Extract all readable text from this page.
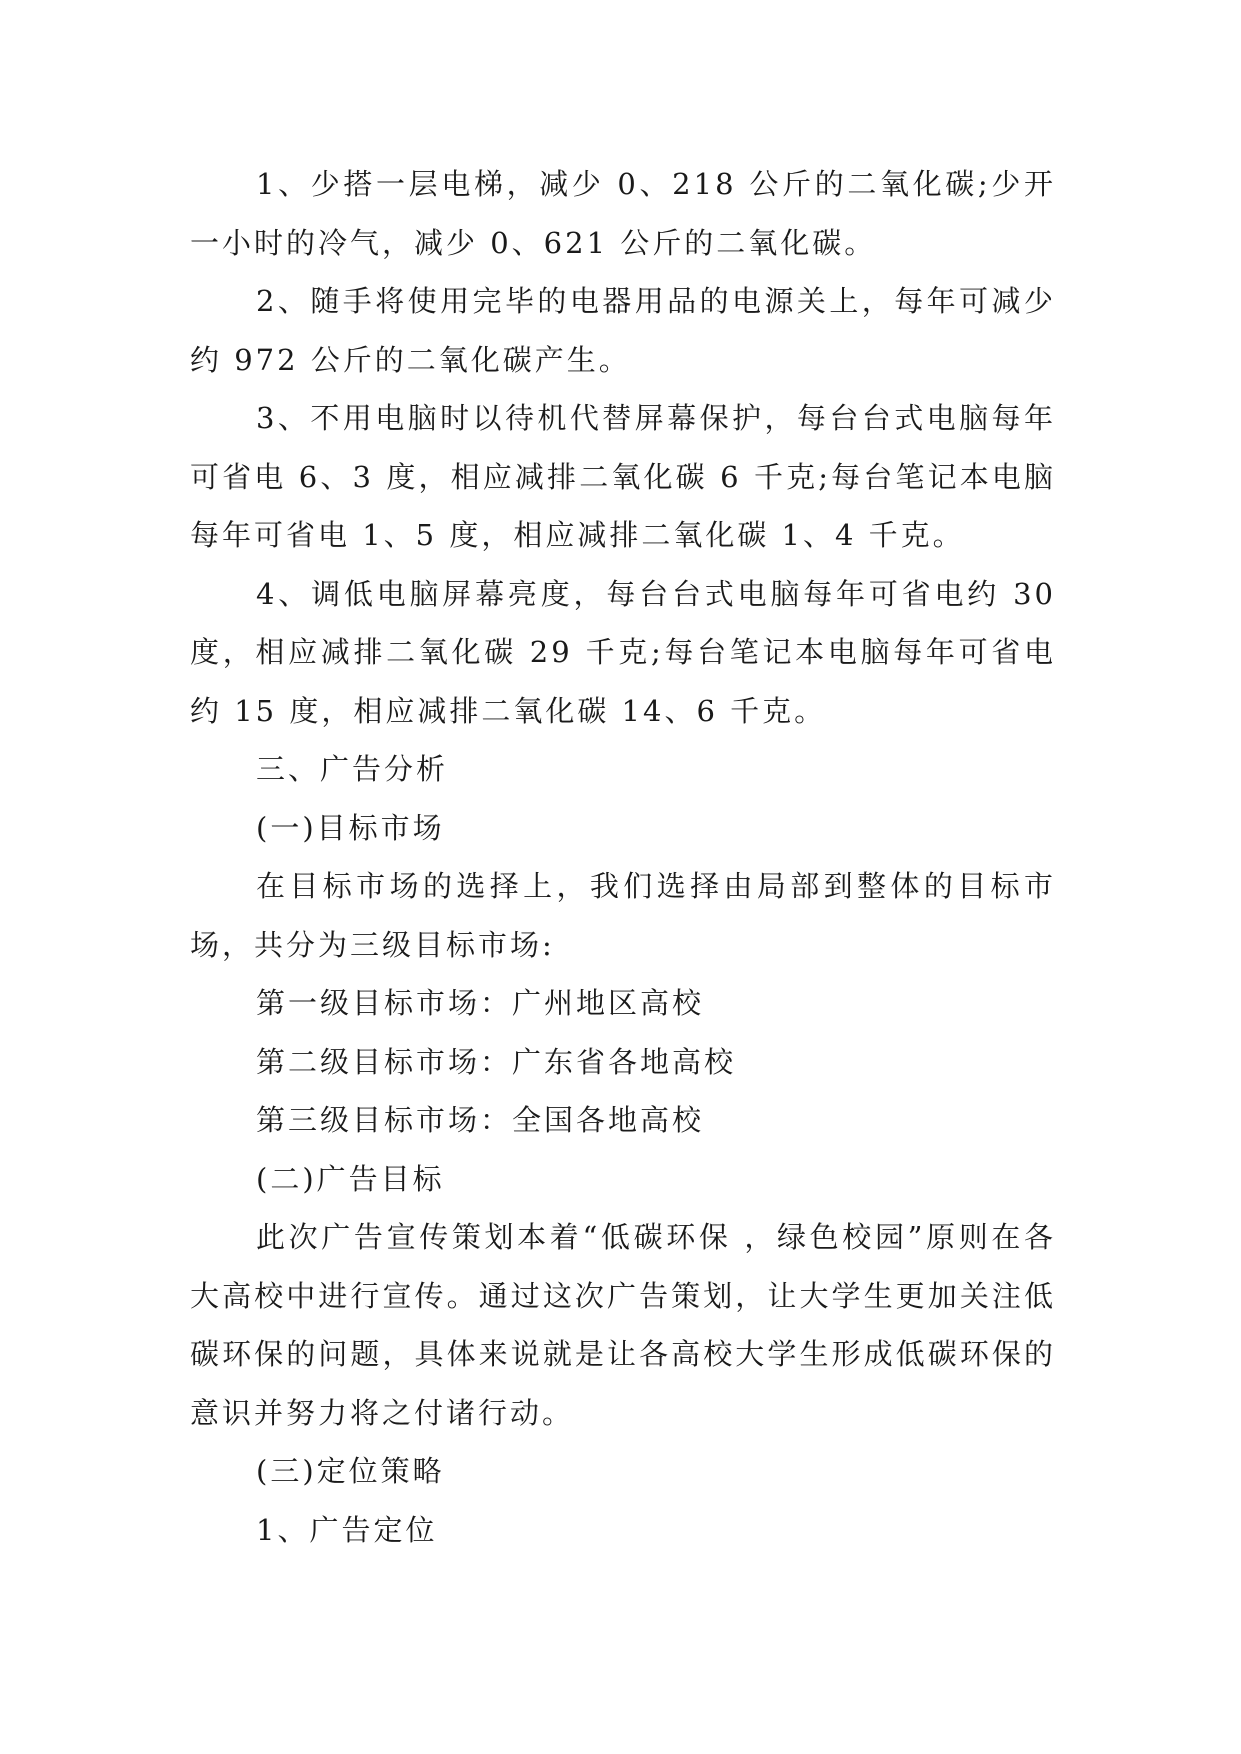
1、少搭一层电梯，减少 0、218 公斤的二氧化碳;少开一小时的冷气，减少 0、621 公斤的二氧化碳。

2、随手将使用完毕的电器用品的电源关上，每年可减少约 972 公斤的二氧化碳产生。

3、不用电脑时以待机代替屏幕保护，每台台式电脑每年可省电 6、3 度，相应减排二氧化碳 6 千克;每台笔记本电脑每年可省电 1、5 度，相应减排二氧化碳 1、4 千克。

4、调低电脑屏幕亮度，每台台式电脑每年可省电约 30 度，相应减排二氧化碳 29 千克;每台笔记本电脑每年可省电约 15 度，相应减排二氧化碳 14、6 千克。

三、广告分析

(一)目标市场

在目标市场的选择上，我们选择由局部到整体的目标市场，共分为三级目标市场:

第一级目标市场：广州地区高校

第二级目标市场：广东省各地高校

第三级目标市场：全国各地高校

(二)广告目标

此次广告宣传策划本着“低碳环保 ，绿色校园”原则在各大高校中进行宣传。通过这次广告策划，让大学生更加关注低碳环保的问题，具体来说就是让各高校大学生形成低碳环保的意识并努力将之付诸行动。

(三)定位策略

1、广告定位
